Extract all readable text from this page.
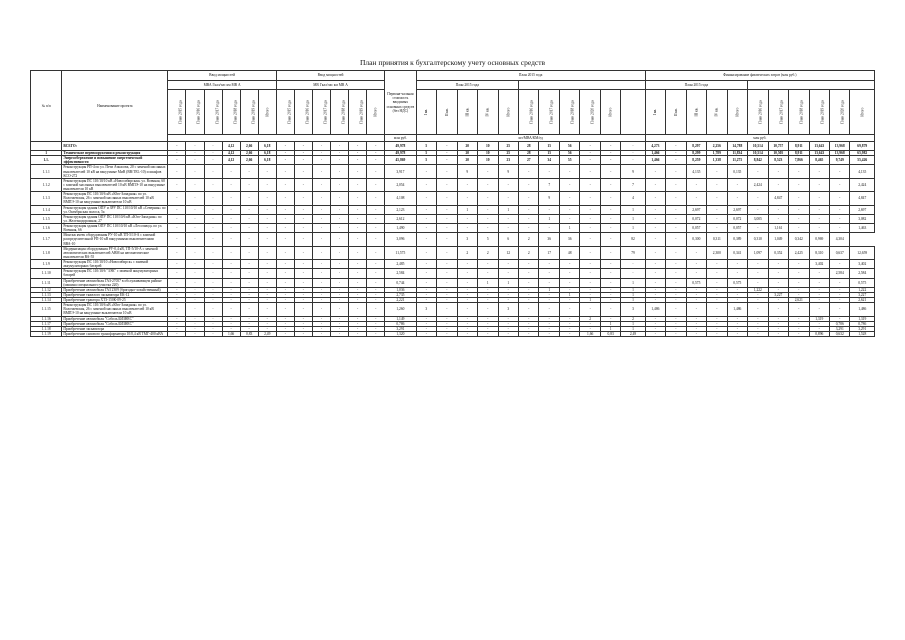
План принятия к бухгалтерскому учету основных средств
№ п/п	Наименование проекта	Ввод мощностей						Ввод мощностей						Первона-чальная стоимость вводимых основных средств (без НДС)	План 2015 года											Финансирование фактических затрат (млн руб.)										
		МВА Гкал/час км МВ А						МВ Гкал/час км МВ А							План 2015 года											План 2015 года										
		План 2015 года	План 2016 года	План 2017 года	План 2018 года	План 2019 года	Итого	План 2015 года	План 2016 года	План 2017 года	План 2018 года	План 2019 года	Итого		I кв.	II кв.	III кв.	IV кв.	Итого	План 2016 года	План 2017 года	План 2018 года	План 2020 года	Итого		I кв.	II кв.	III кв.	IV кв.	Итого	План 2016 года	План 2017 года	План 2018 года	План 2019 года	План 2020 года	Итого
														млн руб.	шт/МВА/КМ/ед											млн руб.										
	ВСЕГО:	-	-	-	4,12	2,66	6,18	-	-	-	-	-	-	49,978	5	-	20	10	25	28	15	56	-	-	-	4,273	-	8,297	2,256	14,788	10,514	10,757	8,911	13,643	13,968	69,879
1	Технические перевооружения и реконструкция	-	-	-	4,12	2,66	6,18	-	-	-	-	-	-	49,978	5	-	20	10	25	28	15	56	-	-	-	1,466	-	8,299	1,789	11,834	10,514	10,505	8,911	13,643	13,968	65,982
1.1.	Энергосбережение и повышение энергетической эффективности	-	-	-	4,12	2,66	6,18	-	-	-	-	-	-	45,869	5	-	20	10	23	27	34	55	-	-	-	1,466	-	8,259	1,338	11,275	8,842	8,523	7,866	8,465	9,749	55,426
1.1.1	Реконструкция РП-4 по ул. Пети Ачкасова, 20 с заменой масляных выключателей 10 кВ на вакуумные МиВ (ВВ/TEL-10) и шкафов КСО-272	-	-	-	-	-	-	-	-	-	-	-	-	3,917	-	-	9	-	9	-	-	-	-	-	9	-	-	4,135	-	0,135	-	-	-	-	-	4,135
1.1.2	Реконструкция ПС 110/10/10 кВ «Новосибирская» ул. Военная, 60 с заменой масляных выключателей 10 кВ ВМПЭ-10 на вакуумные выключатели 10 кВ	-	-	-	-	-	-	-	-	-	-	-	-	2,054	-	-	-	-	-	-	7	-	-	-	7	-	-	-	-	-	2,424	-	-	-	-	2,424
1.1.3	Реконструкция ПС 110/10/6 кВ «Юго-Западная» по ул. Волочаевская, 26 с заменой масляных выключателей 10 кВ ВМПЭ-10 на вакуумные выключатели 10 кВ	-	-	-	-	-	-	-	-	-	-	-	-	4,108	-	-	-	-	-	-	9	-	-	-	4	-	-	-	-	-	-	4,847	-	-	-	4,847
1.1.4	Реконструкция здания ОПУ и ЗРУ ПС 110/10/10 кВ «Северная» по ул. Октябрьская полоса, 5а	-	-	-	-	-	-	-	-	-	-	-	-	2,123	-	-	1	-	1	-	-	-	-	-	1	-	-	2,697	-	2,697	-	-	-	-	-	2,697
1.1.5	Реконструкция здания ОПУ ПС 110/10/6 кВ «Юго-Западная» по ул. Железнодорожная, 27	-	-	-	-	-	-	-	-	-	-	-	-	2,612	-	-	-	-	-	-	1	-	-	-	1	-	-	0,072	-	0,072	3,005	-	-	-	-	3,082
1.1.6	Реконструкция здания ОПУ ПС 110/10/10 кВ «Лесозавод» по ул. Военная, 66	-	-	-	-	-	-	-	-	-	-	-	-	1,490	-	-	-	-	-	-	-	1	-	-	1	-	-	0,057	-	0,057	-	1,161	-	-	-	1,463
1.1.7	Монтаж ячеек оборудования РУ-10 кВ ТП-5/10-А с заменой распределительной РП-10 кВ вакуумными выключателями ВВА-10	-	-	-	-	-	-	-	-	-	-	-	-	3,096	-	-	3	5	6	2	36	36	-	-	82	-	-	0,300	0,311	0,389	0,310	1,049	0,342	0,969	4,304	
1.1.8	Модернизация оборудования РУ-0,4 кВ, ТП-5/10-А с заменой автоматических выключателей АВМ на автоматические выключатели ВА-55	-	-	-	-	-	-	-	-	-	-	-	-	11,575	-	-	2	2	12	2	17	48	-	-	79	-	-	-	2,300	0,341	1,097	0,352	2,425	8,310	0,637	12,659
1.1.9	Реконструкция ПС 110/10/10 «Новосибирск» с заменой аккумуляторных батарей	-	-	-	-	-	-	-	-	-	-	-	-	2,485	-	-	-	-	-	-	-	-	-	-	-	-	-	-	-	-	-	-	-	3,402	-	3,402
1.1.10	Реконструкция ПС 110/10/6 "ЗЭК" с заменой аккумуляторных батарей	-	-	-	-	-	-	-	-	-	-	-	-	2,584	-	-	-	-	-	-	-	-	-	-	-	-	-	-	-	-	-	-	-	-	2,584	2,584
1.1.11	Приобретение автомобиля ГАЗ-27057 в обслуживающем районе (машина специального участка 220)	-	-	-	-	-	-	-	-	-	-	-	-	0,744	-	-	-	1	1	-	-	-	-	-	1	-	-	0,575	-	0,575	-	-	-	-	-	0,575
1.1.12	Приобретение автомобиля ГАЗ 2309 (бригадно-хозяйственный)	-	-	-	-	-	-	-	-	-	-	-	-	1,036	-	-	-	-	-	-	1	-	-	-	1	-	-	-	-	-	1,222	-	-	-	-	1,222
1.1.13	Приобретение тяжелого экскаватора ЕК-12	-	-	-	-	-	-	-	-	-	-	-	-	2,735	-	-	-	-	-	-	-	1	-	-	1	-	-	-	-	-	-	3,227	-	-	-	3,227
1.1.14	Приобретение трактора ХТЗ-150К-09-25	-	-	-	-	-	-	-	-	-	-	-	-	2,221	-	-	-	-	-	-	-	-	1	-	1	-	-	-	-	-	-	-	2,621	-	-	2,621
1.1.15	Реконструкция ПС 110/10/6 кВ «Юго-Западная» по ул. Волочаевская, 26 с заменой масляных выключателей 10 кВ ВМПЭ-10 на вакуумные выключатели 10 кВ	-	-	-	-	-	-	-	-	-	-	-	-	1,260	3	-	-	-	3	-	-	-	-	-	3	1,486	-	-	-	1,486	-	-	-	-	-	1,486
1.1.16	Приобретение автомобиля "Соболь БИЗНЕС"	-	-	-	-	-	-	-	-	-	-	-	-	1,149	-	-	-	-	-	-	-	-	2	-	2	-	-	-	-	-	-	-	-	1,319	-	1,319
1.1.17	Приобретение автомобиля "Соболь БИЗНЕС"	-	-	-	-	-	-	-	-	-	-	-	-	0,786	-	-	-	-	-	-	-	-	-	1	1	-	-	-	-	-	-	-	-	-	0,786	0,786
1.1.18	Приобретение экскаватора	-	-	-	-	-	-	-	-	-	-	-	-	3,291	-	-	-	-	-	-	-	-	-	1	1	-	-	-	-	-	-	-	-	-	3,291	3,291
1.1.19	Приобретение силового трансформатора 10/0,4 кВ ТМГ-400 кВА	-	-	-	1,66	0,83	2,49	-	-	-	-	-	-	1,320	-	-	-	-	-	-	-	-	1,66	0,83	2,49	-	-	-	-	-	-	-	-	0,896	0,632	1,528
